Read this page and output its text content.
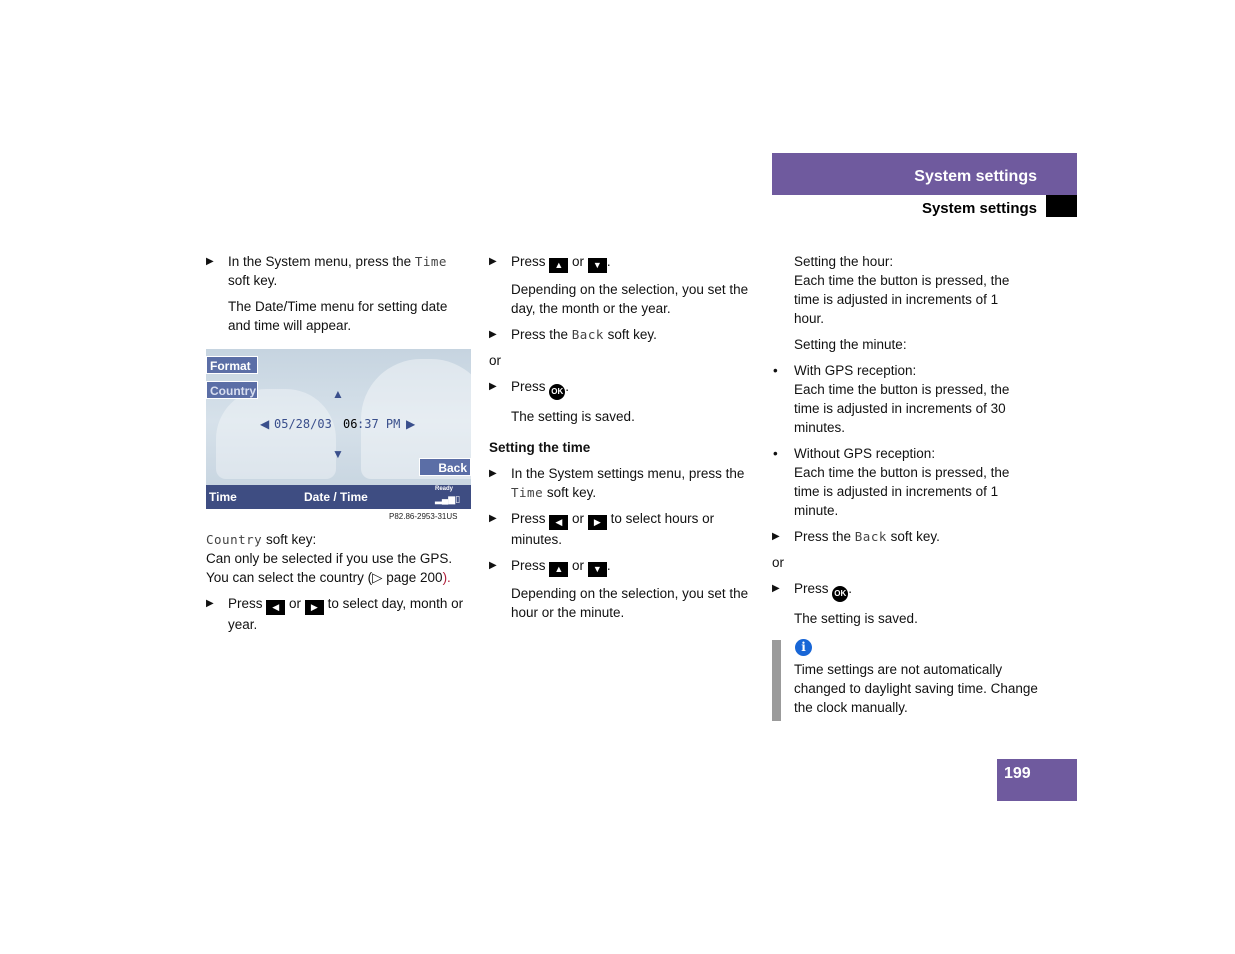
System settings
System settings
▶ In the System menu, press the Time soft key.
The Date/Time menu for setting date and time will appear.
Format
Country	▲
◀ 05/28/03 06 :37 PM ▶
▼
Back
Time	Date / Time
Ready
▂▄▆▯
P82.86-2953-31US
Country soft key:
Can only be selected if you use the GPS. You can select the country (▷ page 200).
▶ Press ◀ or ▶ to select day, month or year.
▶ Press ▲ or ▼ .
Depending on the selection, you set the day, the month or the year.
▶ Press the Back soft key.
or
▶ Press OK .
The setting is saved.
Setting the time
▶ In the System settings menu, press the Time soft key.
▶ Press ◀ or ▶ to select hours or minutes.
▶ Press ▲ or ▼ .
Depending on the selection, you set the hour or the minute.
Setting the hour:
Each time the button is pressed, the time is adjusted in increments of 1 hour.
Setting the minute:
• With GPS reception:
Each time the button is pressed, the time is adjusted in increments of 30 minutes.
• Without GPS reception:
Each time the button is pressed, the time is adjusted in increments of 1 minute.
▶ Press the Back soft key.
or
▶ Press OK .
The setting is saved.
i
Time settings are not automatically changed to daylight saving time. Change the clock manually.
199
